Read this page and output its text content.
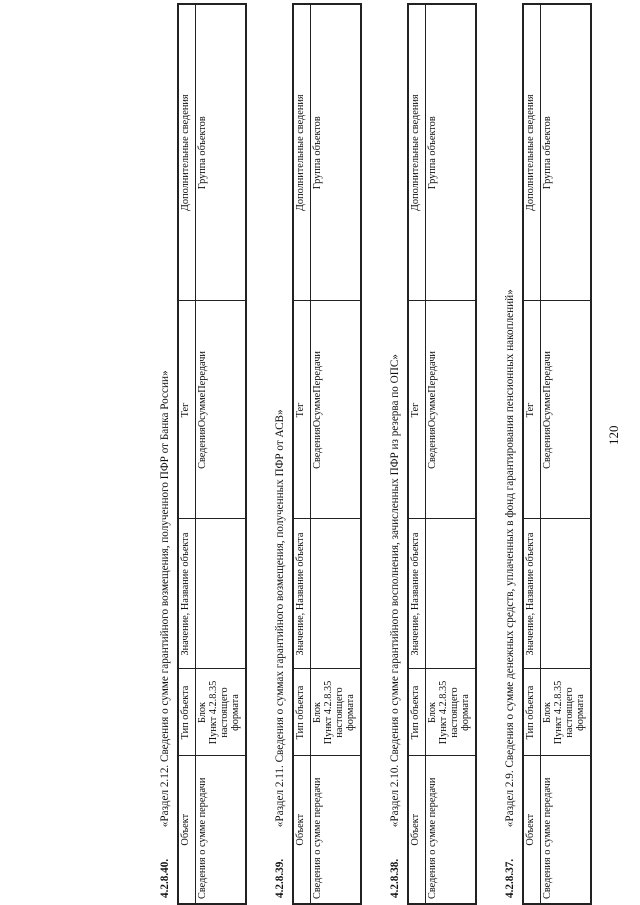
120
4.2.8.37. «Раздел 2.9. Сведения о сумме денежных средств, уплаченных в фонд гарантирования пенсионных накоплений»
Объект	Тип объекта	Значение, Название объекта	Тег	Дополнительные сведения
Сведения о сумме передачи	Блок Пункт 4.2.8.35 настоящего формата		СведенияОсуммеПередачи	Группа объектов
4.2.8.38. «Раздел 2.10. Сведения о сумме гарантийного восполнения, зачисленных ПФР из резерва по ОПС»
Объект	Тип объекта	Значение, Название объекта	Тег	Дополнительные сведения
Сведения о сумме передачи	Блок Пункт 4.2.8.35 настоящего формата		СведенияОсуммеПередачи	Группа объектов
4.2.8.39. «Раздел 2.11. Сведения о суммах гарантийного возмещения, полученных ПФР от АСВ»
Объект	Тип объекта	Значение, Название объекта	Тег	Дополнительные сведения
Сведения о сумме передачи	Блок Пункт 4.2.8.35 настоящего формата		СведенияОсуммеПередачи	Группа объектов
4.2.8.40. «Раздел 2.12. Сведения о сумме гарантийного возмещения, полученного ПФР от Банка России»
Объект	Тип объекта	Значение, Название объекта	Тег	Дополнительные сведения
Сведения о сумме передачи	Блок Пункт 4.2.8.35 настоящего формата		СведенияОсуммеПередачи	Группа объектов
